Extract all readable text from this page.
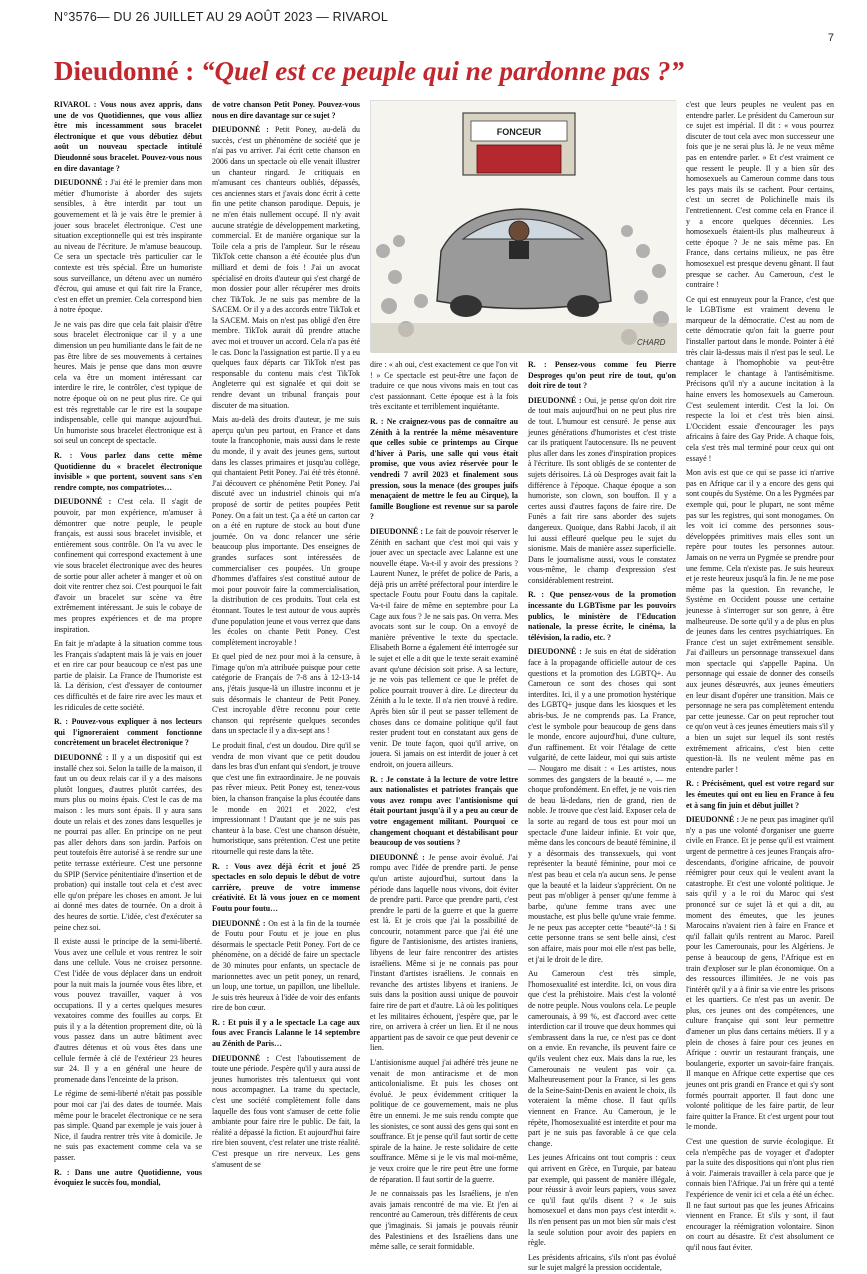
N°3576— DU 26 JUILLET AU 29 AOÛT 2023 — RIVAROL
7
Dieudonné : “Quel est ce peuple qui ne pardonne pas ?”

RIVAROL : Vous nous avez appris, dans une de vos Quotidiennes, que vous alliez être mis incessamment sous bracelet électronique et que vous débutiez début août un nouveau spectacle intitulé Dieudonné sous bracelet. Pouvez-vous nous en dire davantage ?

DIEUDONNÉ : J'ai été le premier dans mon métier d'humoriste à aborder des sujets sensibles, à être interdit par tout un gouvernement et là je vais être le premier à jouer sous bracelet électronique. C'est une situation exceptionnelle qui est très inspirante au niveau de l'écriture. Je m'amuse beaucoup. Ce sera un spectacle très particulier car le contexte est très spécial. Être un humoriste sous surveillance, un détenu avec un numéro d'écrou, qui amuse et qui fait rire la France, c'est en effet un premier. Cela correspond bien à notre époque.

Je ne vais pas dire que cela fait plaisir d'être sous bracelet électronique car il y a une dimension un peu humiliante dans le fait de ne pas être libre de ses mouvements à certaines heures. Mais je pense que dans mon œuvre cela va être un moment intéressant car interdire le rire, le contrôler, c'est typique de notre époque où on ne peut plus rire. Ce qui est très regrettable car le rire est la soupape indispensable, celle qui manque aujourd'hui. Un humoriste sous bracelet électronique est à soi seul un concept de spectacle.

R. : Vous parlez dans cette même Quotidienne du « bracelet électronique invisible » que portent, souvent sans s'en rendre compte, nos compatriotes…

DIEUDONNÉ : C'est cela. Il s'agit de pouvoir, par mon expérience, m'amuser à démontrer que notre peuple, le peuple français, est aussi sous bracelet invisible, et entièrement sous contrôle. On l'a vu avec le confinement qui correspond exactement à une vie sous bracelet électronique avec des heures de sortie pour aller acheter à manger et où on doit vite rentrer chez soi. C'est pourquoi le fait d'avoir un bracelet sur scène va être extrêmement intéressant. Je suis le cobaye de mes propres expériences et de ma propre inspiration.

En fait je m'adapte à la situation comme tous les Français s'adaptent mais là je vais en jouer et en rire car pour beaucoup ce n'est pas une partie de plaisir. La France de l'humoriste est là. La dérision, c'est d'essayer de contourner ces difficultés et de faire rire avec les maux et les ridicules de cette société.

R. : Pouvez-vous expliquer à nos lecteurs qui l'ignoreraient comment fonctionne concrètement un bracelet électronique ?

DIEUDONNÉ : Il y a un dispositif qui est installé chez soi. Selon la taille de la maison, il faut un ou deux relais car il y a des maisons plutôt longues, d'autres plutôt carrées, des murs plus ou moins épais. C'est le cas de ma maison : les murs sont épais. Il y aura sans doute un relais et des zones dans lesquelles je ne pourrai pas aller. En principe on ne peut pas aller dehors dans son jardin. Parfois on peut toutefois être autorisé à se rendre sur une petite terrasse extérieure. C'est une personne du SPIP (Service pénitentiaire d'insertion et de probation) qui installe tout cela et c'est avec elle qu'on prépare les choses en amont. Je lui ai donné mes dates de tournée. On a droit à des heures de sortie. L'idée, c'est d'exécuter sa peine chez soi.

Il existe aussi le principe de la semi-liberté. Vous avez une cellule et vous rentrez le soir dans une cellule. Vous ne croisez personne. C'est l'idée de vous déplacer dans un endroit pour la nuit mais la journée vous êtes libre, et vous pouvez travailler, vaquer à vos occupations. Il y a certes quelques mesures vexatoires comme des fouilles au corps. Et puis il y a la détention proprement dite, où là vous passez dans un autre bâtiment avec d'autres détenus et où vous êtes dans une cellule fermée à clé de l'extérieur 23 heures sur 24. Il y a en général une heure de promenade dans l'enceinte de la prison.

Le régime de semi-liberté n'était pas possible pour moi car j'ai des dates de tournée. Mais même pour le bracelet électronique ce ne sera pas simple. Quand par exemple je vais jouer à Nice, il faudra rentrer très vite à domicile. Je ne suis pas exactement comme cela va se passer.

R. : Dans une autre Quotidienne, vous évoquiez le succès fou, mondial,

de votre chanson Petit Poney. Pouvez-vous nous en dire davantage sur ce sujet ?

DIEUDONNÉ : Petit Poney, au-delà du succès, c'est un phénomène de société que je n'ai pas vu arriver. J'ai écrit cette chanson en 2006 dans un spectacle où elle venait illustrer un chanteur ringard. Je critiquais en m'amusant ces chanteurs oubliés, dépassés, ces anciennes stars et j'avais donc écrit à cette fin une petite chanson parodique. Depuis, je ne m'en étais nullement occupé. Il n'y avait aucune stratégie de développement marketing, commercial. Et de manière organique sur la Toile cela a pris de l'ampleur. Sur le réseau TikTok cette chanson a été écoutée plus d'un milliard et demi de fois ! J'ai un avocat spécialisé en droits d'auteur qui s'est chargé de mon dossier pour aller récupérer mes droits chez TikTok. Je ne suis pas membre de la SACEM. Or il y a des accords entre TikTok et la SACEM. Mais on n'est pas obligé d'en être membre. TikTok aurait dû prendre attache avec moi et trouver un accord. Cela n'a pas été le cas. Donc la l'assignation est partie. Il y a eu quelques faux départs car TikTok n'est pas responsable du contenu mais c'est TikTok Angleterre qui est signalée et qui doit se rendre devant un tribunal français pour discuter de ma situation.

Mais au-delà des droits d'auteur, je me suis aperçu qu'un peu partout, en France et dans toute la francophonie, mais aussi dans le reste du monde, il y avait des jeunes gens, surtout dans les classes primaires et jusqu'au collège, qui chantaient Petit Poney. J'ai été très étonné. J'ai découvert ce phénomène Petit Poney. J'ai discuté avec un industriel chinois qui m'a proposé de sortir de petites poupées Petit Poney. On a fait un test. Ça a été un carton car on a été en rupture de stock au bout d'une journée. On va donc relancer une série beaucoup plus importante. Des enseignes de grandes surfaces sont intéressées de commercialiser ces poupées. Un groupe d'hommes d'affaires s'est constitué autour de moi pour pouvoir faire la commercialisation, la distribution de ces produits. Tout cela est étonnant. Toutes le test autour de vous auprès d'une population jeune et vous verrez que dans les écoles on chante Petit Poney. C'est complètement incroyable !

Et quel pied de nez pour moi à la censure, à l'image qu'on m'a attribuée puisque pour cette catégorie de Français de 7-8 ans à 12-13-14 ans, j'étais jusque-là un illustre inconnu et je suis désormais le chanteur de Petit Poney. C'est incroyable d'être reconnu pour cette chanson qui représente quelques secondes dans un spectacle il y a dix-sept ans !

Le produit final, c'est un doudou. Dire qu'il se vendra de mon vivant que ce petit doudou dans les bras d'un enfant qui s'endort, je trouve que c'est une fin extraordinaire. Je ne pouvais pas rêver mieux. Petit Poney est, tenez-vous bien, la chanson française la plus écoutée dans le monde en 2021 et 2022, c'est impressionnant ! D'autant que je ne suis pas chanteur à la base. C'est une chanson désuète, humoristique, sans prétention. C'est une petite ritournelle qui reste dans la tête.

R. : Vous avez déjà écrit et joué 25 spectacles en solo depuis le début de votre carrière, preuve de votre immense créativité. Et là vous jouez en ce moment Foutu pour foutu…

DIEUDONNÉ : On est à la fin de la tournée de Foutu pour Foutu et je joue en plus désormais le spectacle Petit Poney. Fort de ce phénomène, on a décidé de faire un spectacle de 30 minutes pour enfants, un spectacle de marionnettes avec un petit poney, un renard, un loup, une tortue, un papillon, une libellule. Je suis très heureux à l'idée de voir des enfants rire de bon cœur.

R. : Et puis il y a le spectacle La cage aux fous avec Francis Lalanne le 14 septembre au Zénith de Paris…

DIEUDONNÉ : C'est l'aboutissement de toute une période. J'espère qu'il y aura aussi de jeunes humoristes très talentueux qui vont nous accompagner. La trame du spectacle, c'est une société complètement folle dans laquelle des fous vont s'amuser de cette folie ambiante pour faire rire le public. De fait, la réalité a dépassé la fiction. Et aujourd'hui faire rire bien souvent, c'est relater une triste réalité. C'est presque un rire nerveux. Les gens s'amusent de se

FONCEUR
CHARD

dire : « ah oui, c'est exactement ce que l'on vit ! » Ce spectacle est peut-être une façon de traduire ce que nous vivons mais en tout cas c'est passionnant. Cette époque est à la fois très excitante et terriblement inquiétante.

R. : Ne craignez-vous pas de connaître au Zénith à la rentrée la même mésaventure que celles subie ce printemps au Cirque d'hiver à Paris, une salle qui vous était promise, que vous aviez réservée pour le vendredi 7 avril 2023 et finalement sous pression, sous la menace (des groupes juifs menaçaient de mettre le feu au Cirque), la famille Bouglione est revenue sur sa parole ?

DIEUDONNÉ : Le fait de pouvoir réserver le Zénith en sachant que c'est moi qui vais y jouer avec un spectacle avec Lalanne est une nouvelle étape. Va-t-il y avoir des pressions ? Laurent Nunez, le préfet de police de Paris, a déjà pris un arrêté préfectoral pour interdire le spectacle Foutu pour Foutu dans la capitale. Va-t-il faire de même en septembre pour La Cage aux fous ? Je ne sais pas. On verra. Mes avocats sont sur le coup. On a envoyé de manière préventive le texte du spectacle. Elisabeth Borne a également été interrogée sur le sujet et elle a dit que le texte serait examiné avant qu'une décision soit prise. A sa lecture, je ne vois pas tellement ce que le préfet de police pourrait trouver à dire. Le directeur du Zénith a lu le texte. Il n'a rien trouvé à redire. Après bien sûr il peut se passer tellement de choses dans ce domaine politique qu'il faut rester prudent tout en constatant aux gens de venir. De toute façon, quoi qu'il arrive, on jouera. Si jamais on est interdit de jouer à cet endroit, on jouera ailleurs.

R. : Je constate à la lecture de votre lettre aux nationalistes et patriotes français que vous avez rompu avec l'antisionisme qui était pourtant jusqu'à il y a peu au cœur de votre engagement militant. Pourquoi ce changement choquant et déstabilisant pour beaucoup de vos soutiens ?

DIEUDONNÉ : Je pense avoir évolué. J'ai rompu avec l'idée de prendre parti. Je pense qu'un artiste aujourd'hui, surtout dans la période dans laquelle nous vivons, doit éviter de prendre parti. Parce que prendre parti, c'est prendre le parti de la guerre et que la guerre est là. Et je crois que j'ai la possibilité de concourir, notamment parce que j'ai été une figure de l'antisionisme, des artistes iraniens, libyens de leur faire rencontrer des artistes israéliens. Même si je ne connais pas pour l'instant d'artistes israéliens. Je connais en revanche des artistes libyens et iraniens. Je suis dans la position aussi unique de pouvoir faire rire de part et d'autre. Là où les politiques et les militaires échouent, j'espère que, par le rire, on arrivera à créer un lien. Et il ne nous appartient pas de savoir ce que peut devenir ce lien.

L'antisionisme auquel j'ai adhéré très jeune ne venait de mon antiracisme et de mon anticolonialisme. Et puis les choses ont évolué. Je peux évidemment critiquer la politique de ce gouvernement, mais ne plus être un ennemi. Je me suis rendu compte que les sionistes, ce sont aussi des gens qui sont en souffrance. Et je pense qu'il faut sortir de cette spirale de la haine. Je reste solidaire de cette souffrance. Même si je le vis mal moi-même, je veux croire que le rire peut être une forme de réparation. Il faut sortir de la guerre.

Je ne connaissais pas les Israéliens, je n'en avais jamais rencontré de ma vie. Et j'en ai rencontré au Cameroun, très différents de ceux que j'imaginais. Si jamais je pouvais réunir des Palestiniens et des Israéliens dans une même salle, ce serait formidable.

R. : Pensez-vous comme feu Pierre Desproges qu'on peut rire de tout, qu'on doit rire de tout ?

DIEUDONNÉ : Oui, je pense qu'on doit rire de tout mais aujourd'hui on ne peut plus rire de tout. L'humour est censuré. Je pense aux jeunes générations d'humoristes et c'est triste car ils pratiquent l'autocensure. Ils ne peuvent plus aller dans les zones d'inspiration propices à l'écriture. Ils sont obligés de se contenter de sujets dérisoires. Là où Desproges avait fait la différence à l'époque. Chaque époque a son humoriste, son clown, son bouffon. Il y a certes aussi d'autres façons de faire rire. De Funès a fait rire sans aborder des sujets dangereux. Quoique, dans Rabbi Jacob, il ait lui aussi effleuré quelque peu le sujet du sionisme. Mais de manière assez superficielle. Dans le journalisme aussi, vous le constatez vous-même, le champ d'expression s'est considérablement restreint.

R. : Que pensez-vous de la promotion incessante du LGBTisme par les pouvoirs publics, le ministère de l'Education nationale, la presse écrite, le cinéma, la télévision, la radio, etc. ?

DIEUDONNÉ : Je suis en état de sidération face à la propagande officielle autour de ces questions et la promotion des LGBTQ+. Au Cameroun ce sont des choses qui sont interdites. Ici, il y a une promotion hystérique des LGBTQ+ jusque dans les kiosques et les abris-bus. Je ne comprends pas. La France, c'est le symbole pour beaucoup de gens dans le monde, encore aujourd'hui, d'une culture, d'un raffinement. Et voir l'étalage de cette vulgarité, de cette laideur, moi qui suis artiste — Nougaro me disait : « Les artistes, nous sommes des gangsters de la beauté », — me choque profondément. En effet, je ne vois rien de beau là-dedans, rien de grand, rien de noble. Je trouve que c'est laid. Exposer cela de la sorte au regard de tous est pour moi un spectacle d'une laideur infinie. Et voir que, même dans les concours de beauté féminine, il y a désormais des transsexuels, qui vont représenter la beauté féminine, pour moi ce n'est pas beau et cela n'a aucun sens. Je pense que la beauté et la laideur s'apprécient. On ne peut pas m'obliger à penser qu'une femme à barbe, qu'une femme trans avec une moustache, est plus belle qu'une vraie femme. Je ne peux pas accepter cette “beauté”-là ! Si cette personne trans se sent belle ainsi, c'est son affaire, mais pour moi elle n'est pas belle, et j'ai le droit de le dire.

Au Cameroun c'est très simple, l'homosexualité est interdite. Ici, on vous dira que c'est la préhistoire. Mais c'est la volonté de notre peuple. Nous voulons cela. Le peuple camerounais, à 99 %, est d'accord avec cette interdiction car il trouve que deux hommes qui s'embrassent dans la rue, ce n'est pas ce dont on a envie. En revanche, ils peuvent faire ce qu'ils veulent chez eux. Mais dans la rue, les Camerounais ne veulent pas voir ça. Malheureusement pour la France, si les gens de la Seine-Saint-Denis en avaient le choix, ils voteraient la même chose. Il faut qu'ils viennent en France. Au Cameroun, je le répète, l'homosexualité est interdite et pour ma part je ne suis pas favorable à ce que cela change.

Les jeunes Africains ont tout compris : ceux qui arrivent en Grèce, en Turquie, par bateau par exemple, qui passent de manière illégale, pour réussir à avoir leurs papiers, vous savez ce qu'il faut qu'ils disent ? « Je suis homosexuel et dans mon pays c'est interdit ». Ils n'en pensent pas un mot bien sûr mais c'est la seule solution pour avoir des papiers en règle.

Les présidents africains, s'ils n'ont pas évolué sur le sujet malgré la pression occidentale,

c'est que leurs peuples ne veulent pas en entendre parler. Le président du Cameroun sur ce sujet est impérial. Il dit : « vous pourrez discuter de tout cela avec mon successeur une fois que je ne serai plus là. Je ne veux même pas en entendre parler. » Et c'est vraiment ce que ressent le peuple. Il y a bien sûr des homosexuels au Cameroun comme dans tous les pays mais ils se cachent. Pour certains, c'est un secret de Polichinelle mais ils l'entretiennent. C'est comme cela en France il y a encore quelques décennies. Les homosexuels étaient-ils plus malheureux à cette époque ? Je ne sais même pas. En France, dans certains milieux, ne pas être homosexuel est presque devenu gênant. Il faut presque se cacher. Au Cameroun, c'est le contraire !

Ce qui est ennuyeux pour la France, c'est que le LGBTisme est vraiment devenu le marqueur de la démocratie. C'est au nom de cette démocratie qu'on fait la guerre pour l'installer partout dans le monde. Pointer à été très clair là-dessus mais il n'est pas le seul. Le chantage à l'homophobie va peut-être remplacer le chantage à l'antisémitisme. Précisons qu'il n'y a aucune incitation à la haine envers les homosexuels au Cameroun. C'est seulement interdit. C'est la loi. On respecte la loi et c'est très bien ainsi. L'Occident essaie d'encourager les pays africains à faire des Gay Pride. A chaque fois, cela s'est très mal terminé pour ceux qui ont essayé !

Mon avis est que ce qui se passe ici n'arrive pas en Afrique car il y a encore des gens qui sont coupés du Système. On a les Pygmées par exemple qui, pour le plupart, ne sont même pas sur les registres, qui sont monogames. On les voit ici comme des personnes sous-développées primitives mais elles sont un repère pour toutes les personnes autour. Jamais on ne verra un Pygmée se prendre pour une femme. Cela n'existe pas. Je suis heureux et je reste heureux jusqu'à la fin. Je ne me pose même pas la question. En revanche, le Système en Occident pousse une certaine jeunesse à s'interroger sur son genre, à être malheureuse. De sorte qu'il y a de plus en plus de jeunes dans les centres psychiatriques. En France c'est un sujet extrêmement sensible. J'ai d'ailleurs un personnage transsexuel dans mon spectacle qui s'appelle Papina. Un personnage qui essaie de donner des conseils aux jeunes désœuvrés, aux jeunes émeutiers en leur disant d'opérer une transition. Mais ce personnage ne sera pas complètement entendu par cette jeunesse. Car on peut reprocher tout ce qu'on veut à ces jeunes émeutiers mais s'il y a bien un sujet sur lequel ils sont restés extrêmement africains, c'est bien cette question-là. Ils ne veulent même pas en entendre parler !

R. : Précisément, quel est votre regard sur les émeutes qui ont eu lieu en France à feu et à sang fin juin et début juillet ?

DIEUDONNÉ : Je ne peux pas imaginer qu'il n'y a pas une volonté d'organiser une guerre civile en France. Et je pense qu'il est vraiment urgent de permettre à ces jeunes Français afro-descendants, d'origine africaine, de pouvoir réémigrer pour ceux qui le veulent avant la catastrophe. Et c'est une volonté politique. Je sais qu'il y a le roi du Maroc qui s'est prononcé sur ce sujet là et qui a dit, au moment des émeutes, que les jeunes Marocains n'avaient rien à faire en France et qu'il fallait qu'ils rentrent au Maroc. Pareil pour les Camerounais, pour les Algériens. Je pense à beaucoup de gens, l'Afrique est en train d'exploser sur le plan économique. On a des ressources illimitées. Je ne vois pas l'intérêt qu'il y a à finir sa vie entre les prisons et les quartiers. Ce n'est pas un avenir. De plus, ces jeunes ont des compétences, une culture française qui sont leur permettre d'amener un plus dans certains métiers. Il y a plein de choses à faire pour ces jeunes en Afrique : ouvrir un restaurant français, une boulangerie, exporter un savoir-faire français. Il manque en Afrique cette expertise que ces jeunes ont pris grandi en France et qui s'y sont formés pourrait apporter. Il faut donc une volonté politique de les faire partir, de leur faire quitter la France. Et c'est urgent pour tout le monde.

C'est une question de survie écologique. Et cela n'empêche pas de voyager et d'adopter par la suite des dispositions qui n'ont plus rien à voir. J'aimerais travailler à cela parce que je connais bien l'Afrique. J'ai un frère qui a tenté l'expérience de venir ici et cela a été un échec. Il ne faut surtout pas que les jeunes Africains viennent en France. Et s'ils y sont, il faut encourager la réémigration volontaire. Sinon on court au désastre. Et c'est absolument ce qu'il nous faut éviter.
